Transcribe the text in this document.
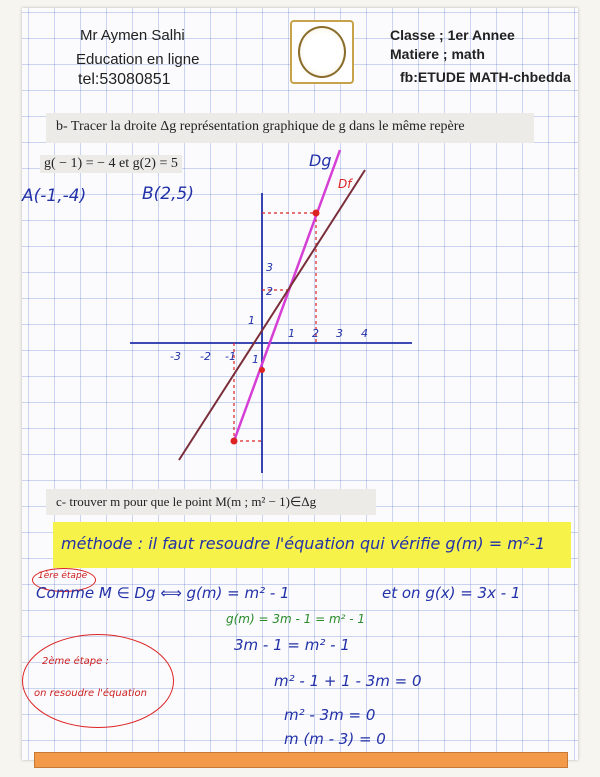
Mr Aymen Salhi
Education en ligne
tel:53080851
Classe ; 1er Annee
Matiere ; math
fb:ETUDE MATH-chbedda
b- Tracer la droite Δg représentation graphique de g dans le même repère
g( − 1) = − 4 et g(2) = 5
A(-1,-4)	B(2,5)
Dg
Df
-3 -2 -1
1 2 3 4
1
2
3
1
c- trouver m pour que le point M(m ; m² − 1)∈Δg
méthode : il faut resoudre l'équation qui vérifie g(m) = m²-1
1ère étape
Comme M ∈ Dg ⟺ g(m) = m² - 1	et on g(x) = 3x - 1
g(m) = 3m - 1 = m² - 1
3m - 1 = m² - 1
m² - 1 + 1 - 3m = 0
m² - 3m = 0
m (m - 3) = 0
2ème étape :
on resoudre l'équation
